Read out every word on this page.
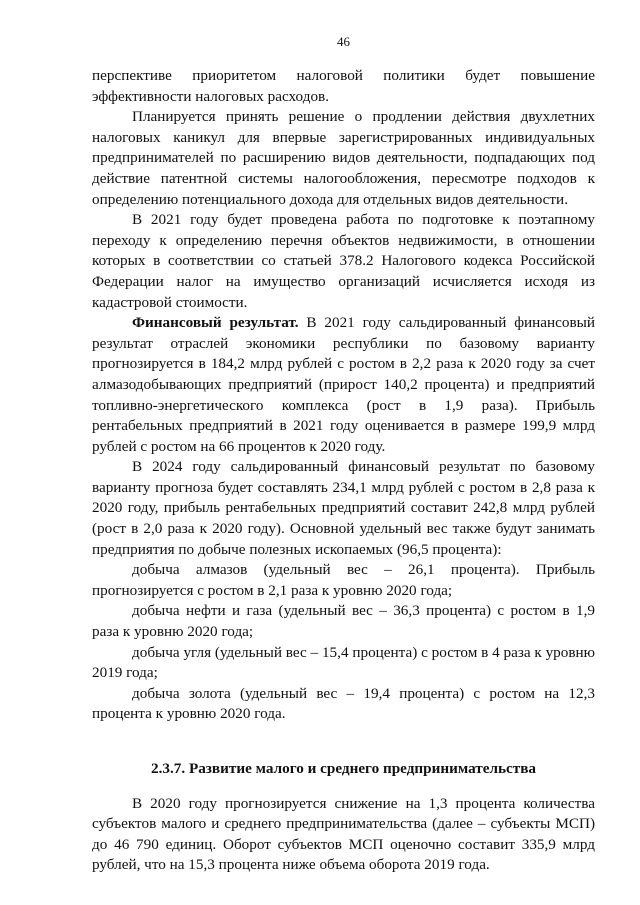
46

перспективе приоритетом налоговой политики будет повышение эффективности налоговых расходов.

Планируется принять решение о продлении действия двухлетних налоговых каникул для впервые зарегистрированных индивидуальных предпринимателей по расширению видов деятельности, подпадающих под действие патентной системы налогообложения, пересмотре подходов к определению потенциального дохода для отдельных видов деятельности.

В 2021 году будет проведена работа по подготовке к поэтапному переходу к определению перечня объектов недвижимости, в отношении которых в соответствии со статьей 378.2 Налогового кодекса Российской Федерации налог на имущество организаций исчисляется исходя из кадастровой стоимости.

Финансовый результат. В 2021 году сальдированный финансовый результат отраслей экономики республики по базовому варианту прогнозируется в 184,2 млрд рублей с ростом в 2,2 раза к 2020 году за счет алмазодобывающих предприятий (прирост 140,2 процента) и предприятий топливно-энергетического комплекса (рост в 1,9 раза). Прибыль рентабельных предприятий в 2021 году оценивается в размере 199,9 млрд рублей с ростом на 66 процентов к 2020 году.

В 2024 году сальдированный финансовый результат по базовому варианту прогноза будет составлять 234,1 млрд рублей с ростом в 2,8 раза к 2020 году, прибыль рентабельных предприятий составит 242,8 млрд рублей (рост в 2,0 раза к 2020 году). Основной удельный вес также будут занимать предприятия по добыче полезных ископаемых (96,5 процента):

добыча алмазов (удельный вес – 26,1 процента). Прибыль прогнозируется с ростом в 2,1 раза к уровню 2020 года;

добыча нефти и газа (удельный вес – 36,3 процента) с ростом в 1,9 раза к уровню 2020 года;

добыча угля (удельный вес – 15,4 процента) с ростом в 4 раза к уровню 2019 года;

добыча золота (удельный вес – 19,4 процента) с ростом на 12,3 процента к уровню 2020 года.

2.3.7. Развитие малого и среднего предпринимательства

В 2020 году прогнозируется снижение на 1,3 процента количества субъектов малого и среднего предпринимательства (далее – субъекты МСП) до 46 790 единиц. Оборот субъектов МСП оценочно составит 335,9 млрд рублей, что на 15,3 процента ниже объема оборота 2019 года.
